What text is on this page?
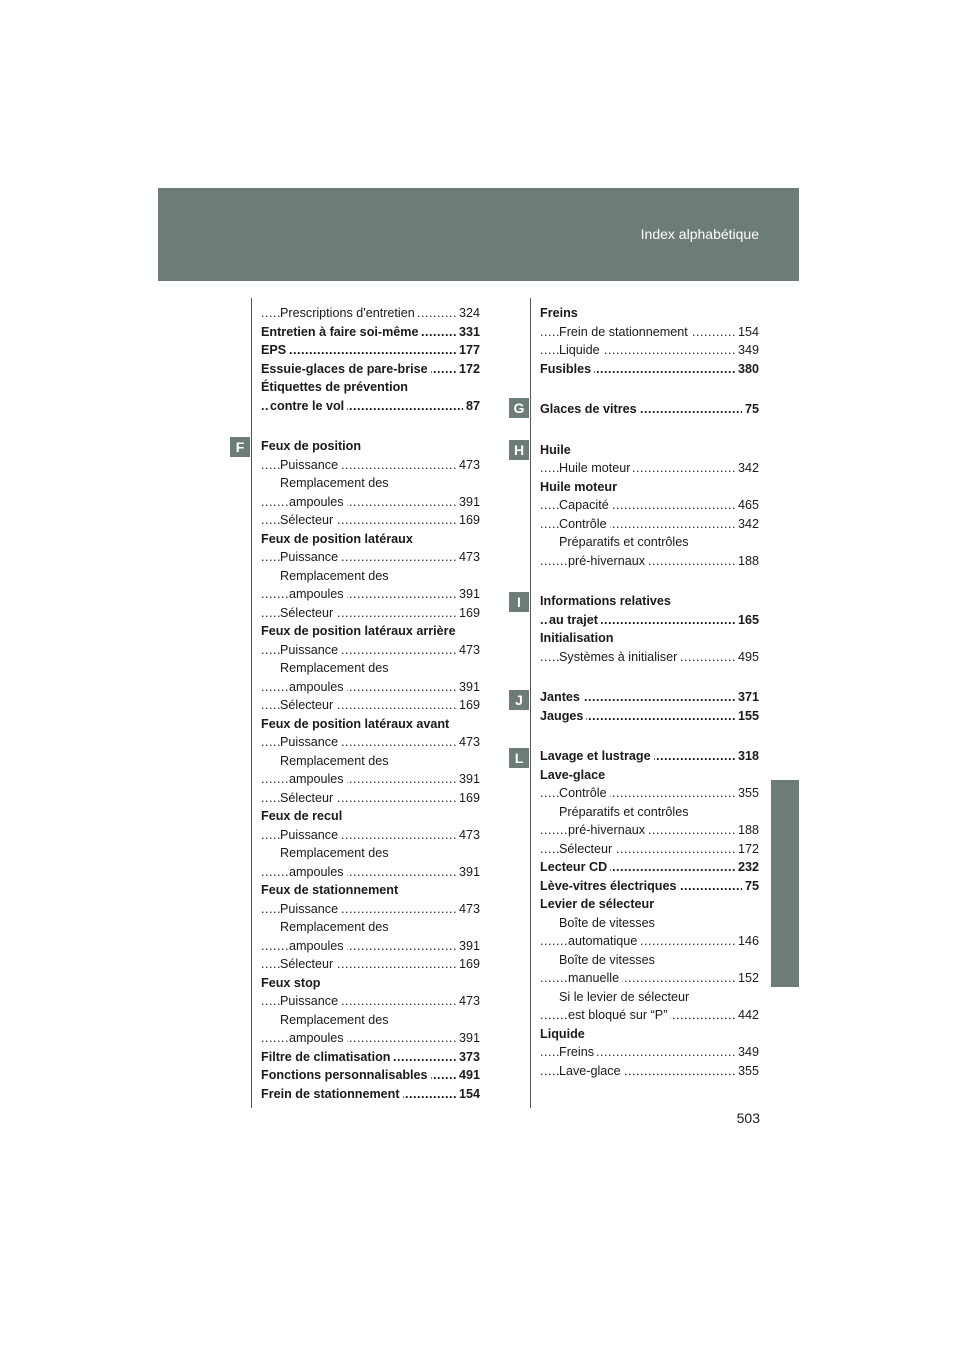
Index alphabétique
F
G
H
I
J
L
.....
Prescriptions d'entretien	324
.....
Entretien à faire soi-même	331
.....
EPS	177
.....
Essuie-glaces de pare-brise 172
Étiquettes de prévention
.....
contre le vol	87
Feux de position
.....
Puissance	473
Remplacement des
.....
ampoules	391
.....
Sélecteur	169
Feux de position latéraux
.....
Puissance	473
Remplacement des
.....
ampoules	391
.....
Sélecteur	169
Feux de position latéraux arrière
.....
Puissance	473
Remplacement des
.....
ampoules	391
.....
Sélecteur	169
Feux de position latéraux avant
.....
Puissance	473
Remplacement des
.....
ampoules	391
.....
Sélecteur	169
Feux de recul
.....
Puissance	473
Remplacement des
.....
ampoules	391
Feux de stationnement
.....
Puissance	473
Remplacement des
.....
ampoules	391
.....
Sélecteur	169
Feux stop
.....
Puissance	473
Remplacement des
.....
ampoules	391
.....
Filtre de climatisation	373
.....
Fonctions personnalisables 491
.....
Frein de stationnement	154
Freins
.....
Frein de stationnement	154
.....
Liquide	349
.....
Fusibles	380
.....
Glaces de vitres	75
Huile
.....
Huile moteur	342
Huile moteur
.....
Capacité	465
.....
Contrôle	342
Préparatifs et contrôles
.....
pré-hivernaux	188
Informations relatives
.....
au trajet	165
Initialisation
.....
Systèmes à initialiser	495
.....
Jantes	371
.....
Jauges	155
.....
Lavage et lustrage	318
Lave-glace
.....
Contrôle	355
Préparatifs et contrôles
.....
pré-hivernaux	188
.....
Sélecteur	172
.....
Lecteur CD	232
.....
Lève-vitres électriques	75
Levier de sélecteur
Boîte de vitesses
.....
automatique	146
Boîte de vitesses
.....
manuelle	152
Si le levier de sélecteur
.....
est bloqué sur “P”	442
Liquide
.....
Freins	349
.....
Lave-glace	355
503
